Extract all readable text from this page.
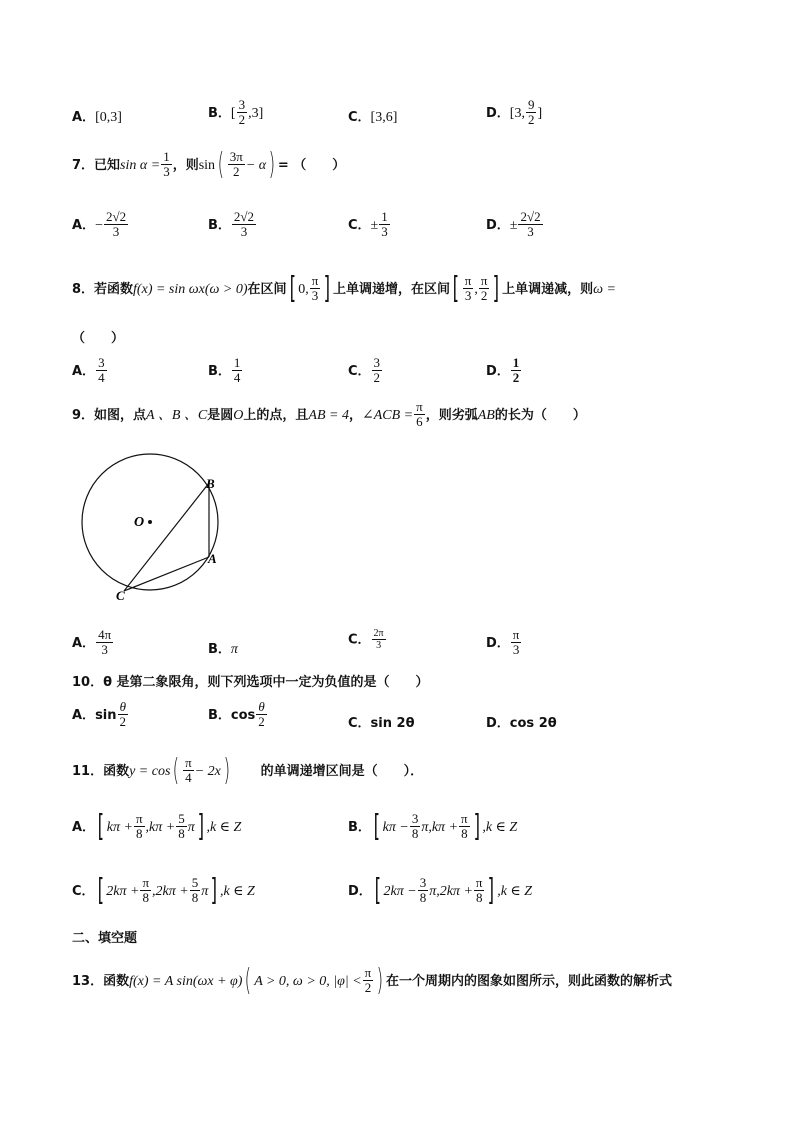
A．[0,3]	B．[ $\frac{3}{2} ,3$]	C．[3,6]	D．[3, $\frac{9}{2}$ ]
7．已知$\sin \alpha = \frac{1}{3}$ ，则$\sin( \frac{3\pi}{2} - \alpha)$ = （　　）
A．− $\frac{2√2}{3}$	B． $\frac{2√2}{3}$	C．± $\frac{1}{3}$	D．± $\frac{2√2}{3}$
8．若函数f(x) = sin ωx(ω > 0)在区间[ 0, $\frac{\pi}{3}$ ] 上单调递增，在区间[ $\frac{\pi}{3}$ , $\frac{\pi}{2}$ ] 上单调递减，则ω =
（　　）
A． $\frac{3}{4}$	B． $\frac{1}{4}$	C． $\frac{3}{2}$	D． $\frac{1}{2}$
9．如图，点A 、B 、C是圆O上的点，且AB = 4，∠ACB = $\frac{\pi}{6}$ ，则劣弧AB的长为（　　）
O
B
A
C
A． $\frac{4\pi}{3}$	B．π
C． $\frac{2\pi}{3}$	D． $\frac{\pi}{3}$
10．θ 是第二象限角，则下列选项中一定为负值的是（　　）
A．$\sin \frac{\theta}{2}$	B．$\cos \frac{\theta}{2}$	C．sin 2θ	D．cos 2θ
11．函数$y = \cos( \frac{\pi}{4} - 2x)$ 的单调递增区间是（　　）．
A．[ $k\pi + \frac{\pi}{8} ,k\pi + \frac{5}{8} \pi$] ,k ∈ Z	B．[ $k\pi - \frac{3}{8} \pi,k\pi + \frac{\pi}{8}$ ] ,k ∈ Z
C．[ $2k\pi + \frac{\pi}{8} ,2k\pi + \frac{5}{8} \pi$] ,k ∈ Z	D．[ $2k\pi - \frac{3}{8} \pi,2k\pi + \frac{\pi}{8}$ ] ,k ∈ Z
二、填空题
13．函数f(x) = A sin(ωx + φ)( A > 0, ω > 0, $|\varphi| < \frac{\pi}{2}$ ) 在一个周期内的图象如图所示，则此函数的解析式
